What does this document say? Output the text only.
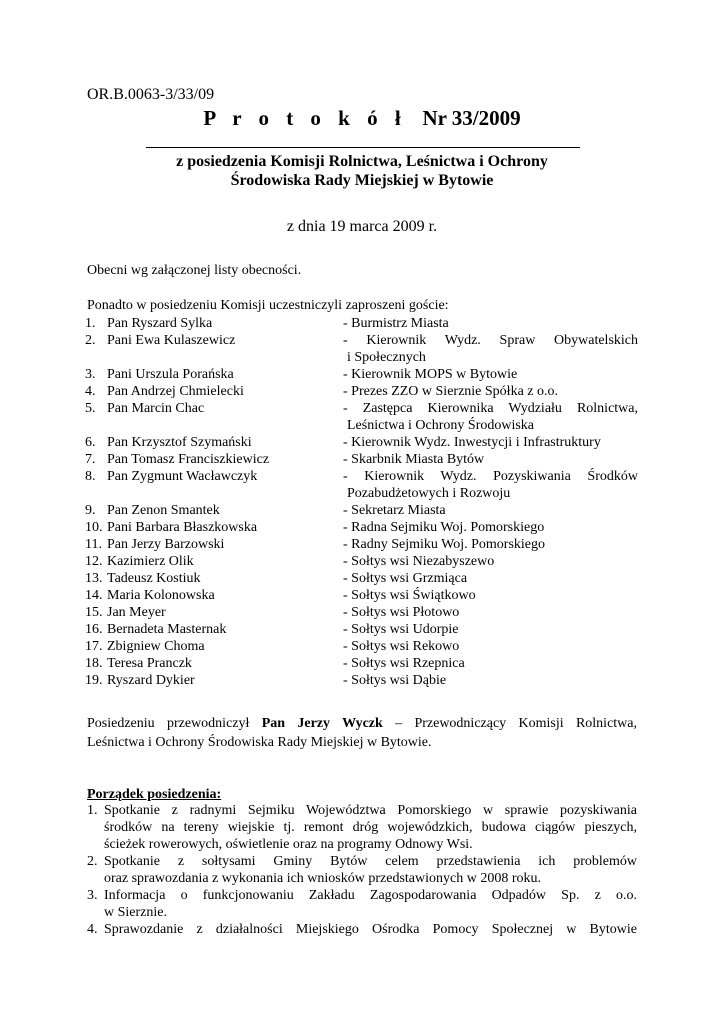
OR.B.0063-3/33/09
P r o t o k ó ł Nr 33/2009
z posiedzenia Komisji Rolnictwa, Leśnictwa i Ochrony
Środowiska Rady Miejskiej w Bytowie
z dnia 19 marca 2009 r.
Obecni wg załączonej listy obecności.
Ponadto w posiedzeniu Komisji uczestniczyli zaproszeni goście:
1. Pan Ryszard Sylka	- Burmistrz Miasta
2. Pani Ewa Kulaszewicz	- Kierownik Wydz. Spraw Obywatelskich
i Społecznych
3. Pani Urszula Porańska	- Kierownik MOPS w Bytowie
4. Pan Andrzej Chmielecki	- Prezes ZZO w Sierznie Spółka z o.o.
5. Pan Marcin Chac	- Zastępca Kierownika Wydziału Rolnictwa,
Leśnictwa i Ochrony Środowiska
6. Pan Krzysztof Szymański	- Kierownik Wydz. Inwestycji i Infrastruktury
7. Pan Tomasz Franciszkiewicz	- Skarbnik Miasta Bytów
8. Pan Zygmunt Wacławczyk	- Kierownik Wydz. Pozyskiwania Środków
Pozabudżetowych i Rozwoju
9. Pan Zenon Smantek	- Sekretarz Miasta
10. Pani Barbara Błaszkowska	- Radna Sejmiku Woj. Pomorskiego
11. Pan Jerzy Barzowski	- Radny Sejmiku Woj. Pomorskiego
12. Kazimierz Olik	- Sołtys wsi Niezabyszewo
13. Tadeusz Kostiuk	- Sołtys wsi Grzmiąca
14. Maria Kolonowska	- Sołtys wsi Świątkowo
15. Jan Meyer	- Sołtys wsi Płotowo
16. Bernadeta Masternak	- Sołtys wsi Udorpie
17. Zbigniew Choma	- Sołtys wsi Rekowo
18. Teresa Pranczk	- Sołtys wsi Rzepnica
19. Ryszard Dykier	- Sołtys wsi Dąbie
Posiedzeniu przewodniczył Pan Jerzy Wyczk – Przewodniczący Komisji Rolnictwa,
Leśnictwa i Ochrony Środowiska Rady Miejskiej w Bytowie.
Porządek posiedzenia:
1. Spotkanie z radnymi Sejmiku Województwa Pomorskiego w sprawie pozyskiwania
środków na tereny wiejskie tj. remont dróg wojewódzkich, budowa ciągów pieszych,
ścieżek rowerowych, oświetlenie oraz na programy Odnowy Wsi.
2. Spotkanie z sołtysami Gminy Bytów celem przedstawienia ich problemów
oraz sprawozdania z wykonania ich wniosków przedstawionych w 2008 roku.
3. Informacja o funkcjonowaniu Zakładu Zagospodarowania Odpadów Sp. z o.o.
w Sierznie.
4. Sprawozdanie z działalności Miejskiego Ośrodka Pomocy Społecznej w Bytowie
